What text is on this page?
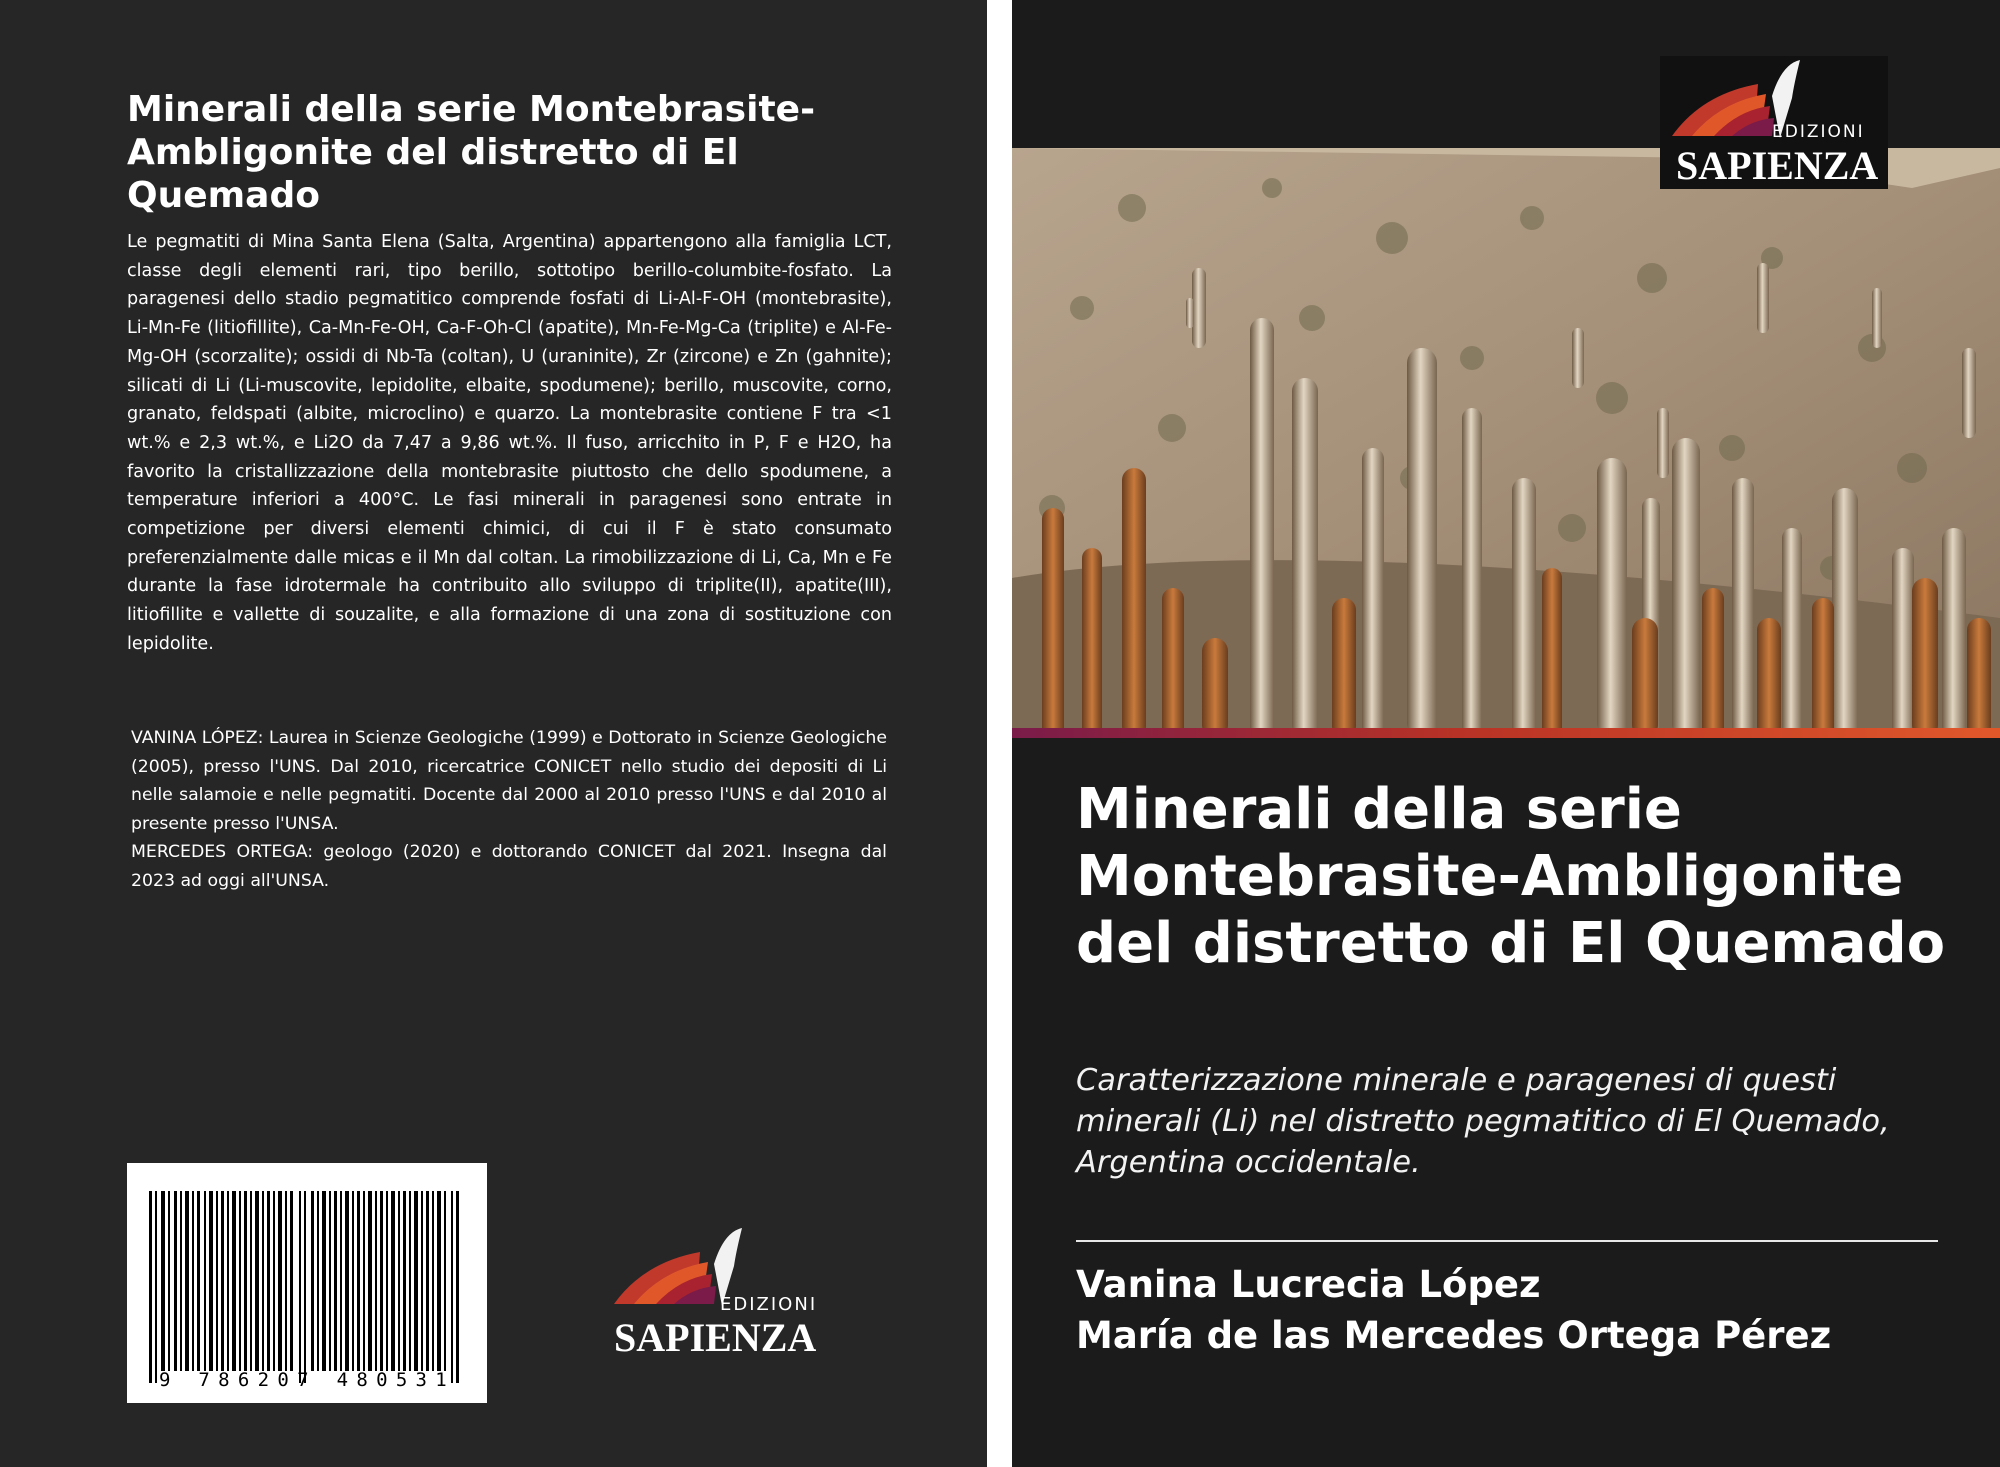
Minerali della serie Montebrasite-Ambligonite del distretto di El Quemado

Le pegmatiti di Mina Santa Elena (Salta, Argentina) appartengono alla famiglia LCT, classe degli elementi rari, tipo berillo, sottotipo berillo-columbite-fosfato. La paragenesi dello stadio pegmatitico comprende fosfati di Li-Al-F-OH (montebrasite), Li-Mn-Fe (litiofillite), Ca-Mn-Fe-OH, Ca-F-Oh-Cl (apatite), Mn-Fe-Mg-Ca (triplite) e Al-Fe-Mg-OH (scorzalite); ossidi di Nb-Ta (coltan), U (uraninite), Zr (zircone) e Zn (gahnite); silicati di Li (Li-muscovite, lepidolite, elbaite, spodumene); berillo, muscovite, corno, granato, feldspati (albite, microclino) e quarzo. La montebrasite contiene F tra <1 wt.% e 2,3 wt.%, e Li2O da 7,47 a 9,86 wt.%. Il fuso, arricchito in P, F e H2O, ha favorito la cristallizzazione della montebrasite piuttosto che dello spodumene, a temperature inferiori a 400°C. Le fasi minerali in paragenesi sono entrate in competizione per diversi elementi chimici, di cui il F è stato consumato preferenzialmente dalle micas e il Mn dal coltan. La rimobilizzazione di Li, Ca, Mn e Fe durante la fase idrotermale ha contribuito allo sviluppo di triplite(II), apatite(III), litiofillite e vallette di souzalite, e alla formazione di una zona di sostituzione con lepidolite.

VANINA LÓPEZ: Laurea in Scienze Geologiche (1999) e Dottorato in Scienze Geologiche (2005), presso l'UNS. Dal 2010, ricercatrice CONICET nello studio dei depositi di Li nelle salamoie e nelle pegmatiti. Docente dal 2000 al 2010 presso l'UNS e dal 2010 al presente presso l'UNSA.

MERCEDES ORTEGA: geologo (2020) e dottorando CONICET dal 2021. Insegna dal 2023 ad oggi all'UNSA.

9 786207 480531
EDIZIONI
SAPIENZA
EDIZIONI
SAPIENZA
Minerali della serie Montebrasite-Ambligonite del distretto di El Quemado

Caratterizzazione minerale e paragenesi di questi minerali (Li) nel distretto pegmatitico di El Quemado, Argentina occidentale.

Vanina Lucrecia López
María de las Mercedes Ortega Pérez
